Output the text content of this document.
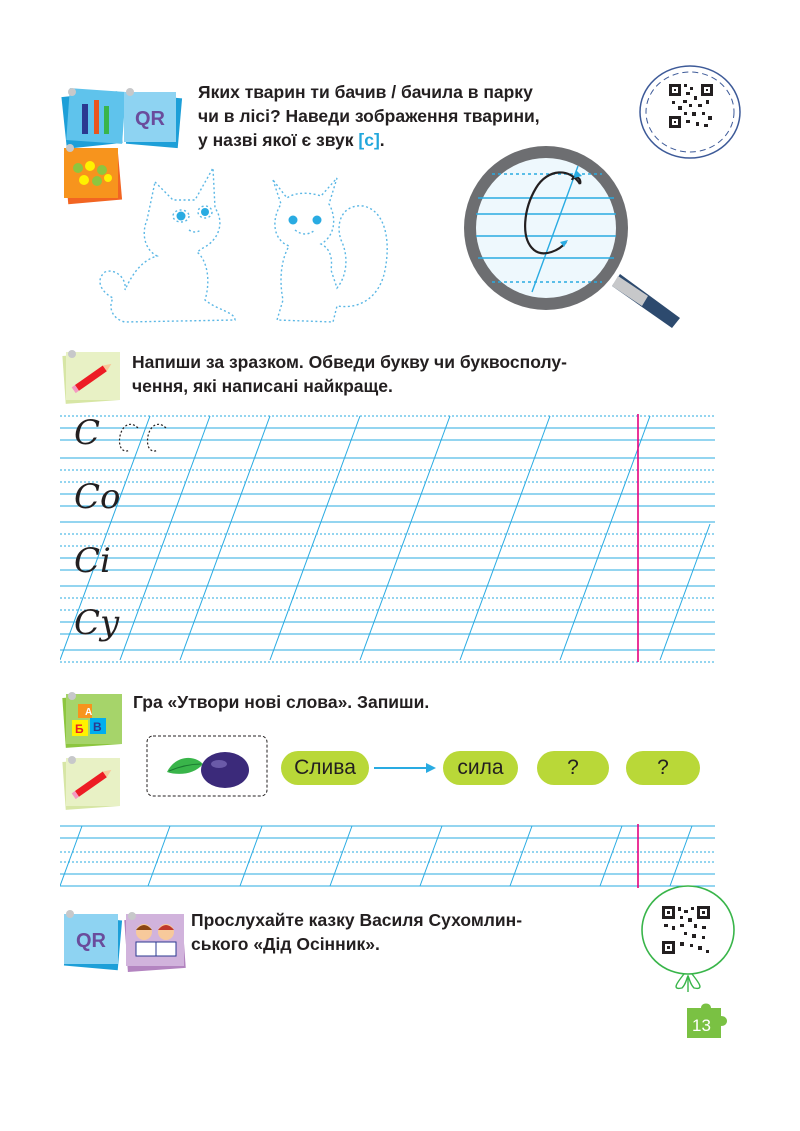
QR
Яких тварин ти бачив / бачила в парку
чи в лісі? Наведи зображення тварини,
у назві якої є звук [с].
Напиши за зразком. Обведи букву чи буквосполу-
чення, які написані найкраще.
С
Со
Сі
Су
А
Б В
Гра «Утвори нові слова». Запиши.
Слива	сила	?	?
QR
Прослухайте казку Василя Сухомлин-
ського «Дід Осінник».
13
